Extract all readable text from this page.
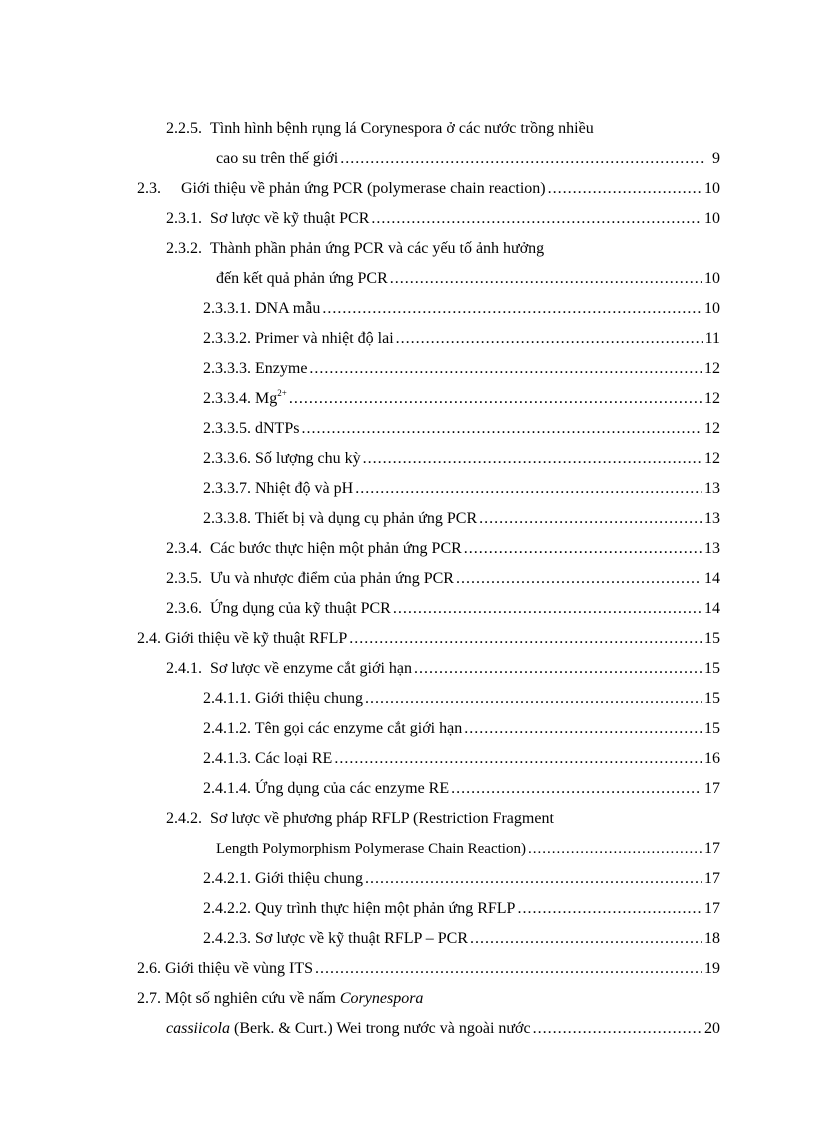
2.2.5. Tình hình bệnh rụng lá Corynespora ở các nước trồng nhiều
cao su trên thế giới .....	9
2.3. Giới thiệu về phản ứng PCR (polymerase chain reaction) .....	10
2.3.1. Sơ lược về kỹ thuật PCR .....	10
2.3.2. Thành phần phản ứng PCR và các yếu tố ảnh hưởng
đến kết quả phản ứng PCR .....	10
2.3.3.1. DNA mẫu .....	10
2.3.3.2. Primer và nhiệt độ lai .....	11
2.3.3.3. Enzyme .....	12
2.3.3.4. $Mg^{2+}$ .....	12
2.3.3.5. dNTPs .....	12
2.3.3.6. Số lượng chu kỳ .....	12
2.3.3.7. Nhiệt độ và pH .....	13
2.3.3.8. Thiết bị và dụng cụ phản ứng PCR .....	13
2.3.4. Các bước thực hiện một phản ứng PCR .....	13
2.3.5. Ưu và nhược điểm của phản ứng PCR .....	14
2.3.6. Ứng dụng của kỹ thuật PCR .....	14
2.4. Giới thiệu về kỹ thuật RFLP .....	15
2.4.1. Sơ lược về enzyme cắt giới hạn .....	15
2.4.1.1. Giới thiệu chung .....	15
2.4.1.2. Tên gọi các enzyme cắt giới hạn .....	15
2.4.1.3. Các loại RE .....	16
2.4.1.4. Ứng dụng của các enzyme RE .....	17
2.4.2. Sơ lược về phương pháp RFLP (Restriction Fragment
Length Polymorphism Polymerase Chain Reaction) .....	17
2.4.2.1. Giới thiệu chung .....	17
2.4.2.2. Quy trình thực hiện một phản ứng RFLP .....	17
2.4.2.3. Sơ lược về kỹ thuật RFLP – PCR .....	18
2.6. Giới thiệu về vùng ITS .....	19
2.7. Một số nghiên cứu về nấm Corynespora
cassiicola (Berk. & Curt.) Wei trong nước và ngoài nước .....	20
